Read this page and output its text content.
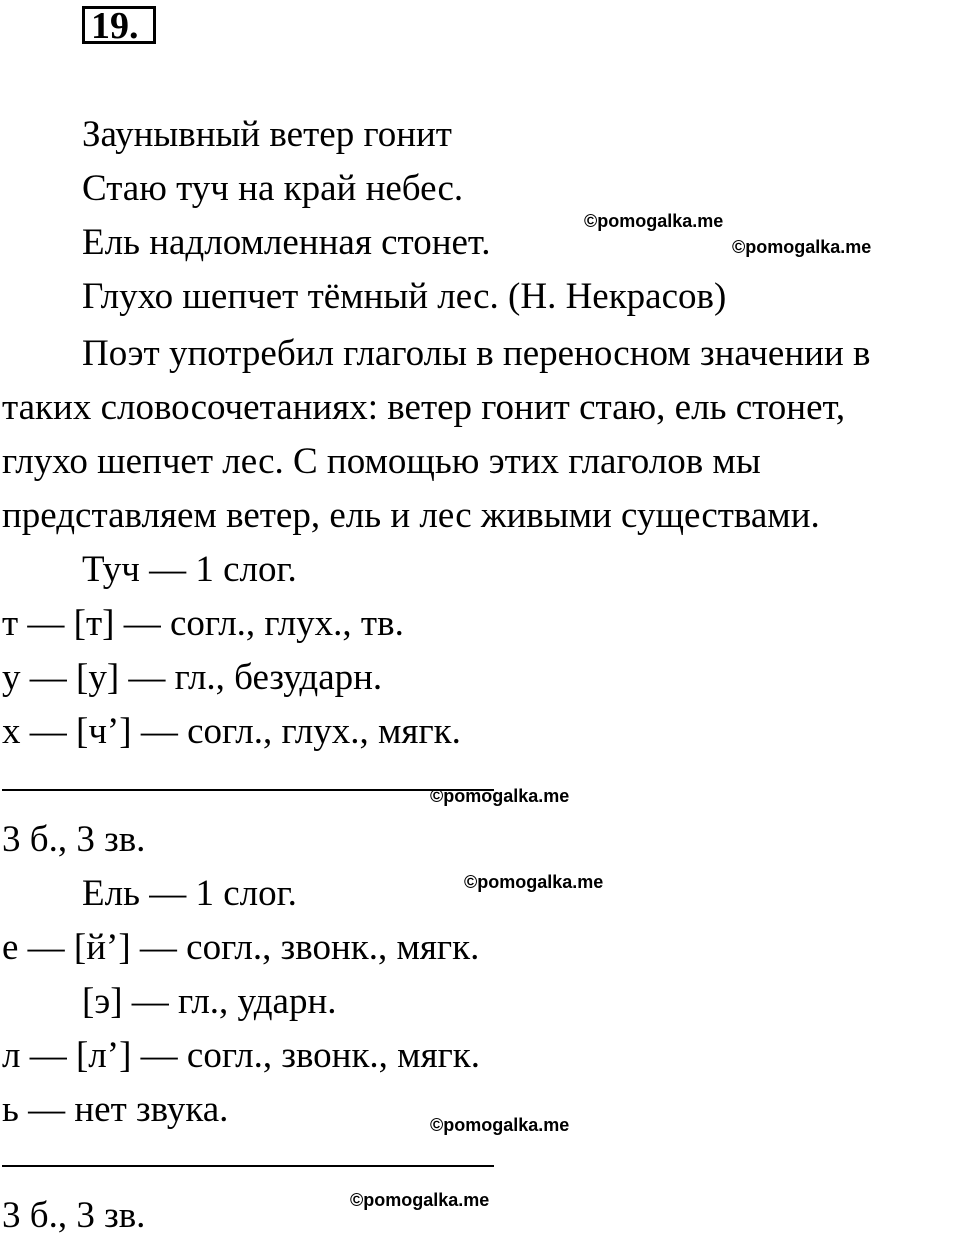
19.
Заунывный ветер гонит
Стаю туч на край небес.
Ель надломленная стонет.
Глухо шепчет тёмный лес. (Н. Некрасов)
Поэт употребил глаголы в переносном значении в
таких словосочетаниях: ветер гонит стаю, ель стонет,
глухо шепчет лес. С помощью этих глаголов мы
представляем ветер, ель и лес живыми существами.
Туч — 1 слог.
т — [т] — согл., глух., тв.
у — [у] — гл., безударн.
х — [ч’] — согл., глух., мягк.
3 б., 3 зв.
Ель — 1 слог.
е — [й’] — согл., звонк., мягк.
[э] — гл., ударн.
л — [л’] — согл., звонк., мягк.
ь — нет звука.
3 б., 3 зв.
©pomogalka.me
©pomogalka.me
©pomogalka.me
©pomogalka.me
©pomogalka.me
©pomogalka.me
